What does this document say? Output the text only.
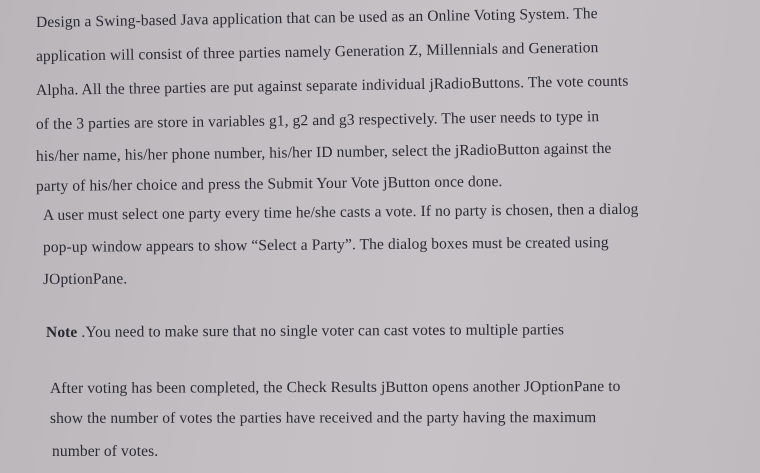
Design a Swing-based Java application that can be used as an Online Voting System. The
application will consist of three parties namely Generation Z, Millennials and Generation
Alpha. All the three parties are put against separate individual jRadioButtons. The vote counts
of the 3 parties are store in variables g1, g2 and g3 respectively. The user needs to type in
his/her name, his/her phone number, his/her ID number, select the jRadioButton against the
party of his/her choice and press the Submit Your Vote jButton once done.
A user must select one party every time he/she casts a vote. If no party is chosen, then a dialog
pop-up window appears to show “Select a Party”. The dialog boxes must be created using
JOptionPane.
Note .You need to make sure that no single voter can cast votes to multiple parties
After voting has been completed, the Check Results jButton opens another JOptionPane to
show the number of votes the parties have received and the party having the maximum
number of votes.
